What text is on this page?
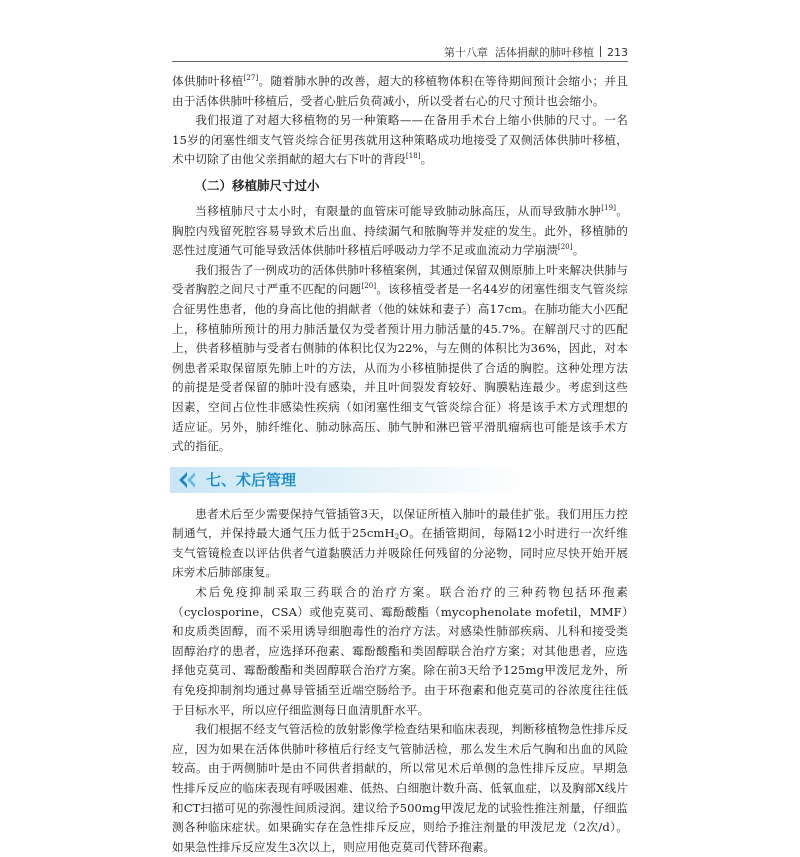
第十八章 活体捐献的肺叶移植 213

体供肺叶移植[27]。随着肺水肿的改善，超大的移植物体积在等待期间预计会缩小；并且由于活体供肺叶移植后，受者心脏后负荷减小，所以受者右心的尺寸预计也会缩小。

我们报道了对超大移植物的另一种策略——在备用手术台上缩小供肺的尺寸。一名15岁的闭塞性细支气管炎综合征男孩就用这种策略成功地接受了双侧活体供肺叶移植，术中切除了由他父亲捐献的超大右下叶的背段[18]。

（二）移植肺尺寸过小

当移植肺尺寸太小时，有限量的血管床可能导致肺动脉高压，从而导致肺水肿[19]。胸腔内残留死腔容易导致术后出血、持续漏气和脓胸等并发症的发生。此外，移植肺的恶性过度通气可能导致活体供肺叶移植后呼吸动力学不足或血流动力学崩溃[20]。

我们报告了一例成功的活体供肺叶移植案例，其通过保留双侧原肺上叶来解决供肺与受者胸腔之间尺寸严重不匹配的问题[20]。该移植受者是一名44岁的闭塞性细支气管炎综合征男性患者，他的身高比他的捐献者（他的妹妹和妻子）高17cm。在肺功能大小匹配上，移植肺所预计的用力肺活量仅为受者预计用力肺活量的45.7%。在解剖尺寸的匹配上，供者移植肺与受者右侧肺的体积比仅为22%，与左侧的体积比为36%，因此，对本例患者采取保留原先肺上叶的方法，从而为小移植肺提供了合适的胸腔。这种处理方法的前提是受者保留的肺叶没有感染，并且叶间裂发育较好、胸膜粘连最少。考虑到这些因素，空间占位性非感染性疾病（如闭塞性细支气管炎综合征）将是该手术方式理想的适应证。另外，肺纤维化、肺动脉高压、肺气肿和淋巴管平滑肌瘤病也可能是该手术方式的指征。

七、术后管理

患者术后至少需要保持气管插管3天，以保证所植入肺叶的最佳扩张。我们用压力控制通气，并保持最大通气压力低于25cmH$_2$O。在插管期间，每隔12小时进行一次纤维支气管镜检查以评估供者气道黏膜活力并吸除任何残留的分泌物，同时应尽快开始开展床旁术后肺部康复。

术后免疫抑制采取三药联合的治疗方案。联合治疗的三种药物包括环孢素（cyclosporine，CSA）或他克莫司、霉酚酸酯（mycophenolate mofetil，MMF）和皮质类固醇，而不采用诱导细胞毒性的治疗方法。对感染性肺部疾病、儿科和接受类固醇治疗的患者，应选择环孢素、霉酚酸酯和类固醇联合治疗方案；对其他患者，应选择他克莫司、霉酚酸酯和类固醇联合治疗方案。除在前3天给予125mg甲泼尼龙外，所有免疫抑制剂均通过鼻导管插至近端空肠给予。由于环孢素和他克莫司的谷浓度往往低于目标水平，所以应仔细监测每日血清肌酐水平。

我们根据不经支气管活检的放射影像学检查结果和临床表现，判断移植物急性排斥反应，因为如果在活体供肺叶移植后行经支气管肺活检，那么发生术后气胸和出血的风险较高。由于两侧肺叶是由不同供者捐献的，所以常见术后单侧的急性排斥反应。早期急性排斥反应的临床表现有呼吸困难、低热、白细胞计数升高、低氧血症，以及胸部X线片和CT扫描可见的弥漫性间质浸润。建议给予500mg甲泼尼龙的试验性推注剂量，仔细监测各种临床症状。如果确实存在急性排斥反应，则给予推注剂量的甲泼尼龙（2次/d）。如果急性排斥反应发生3次以上，则应用他克莫司代替环孢素。
